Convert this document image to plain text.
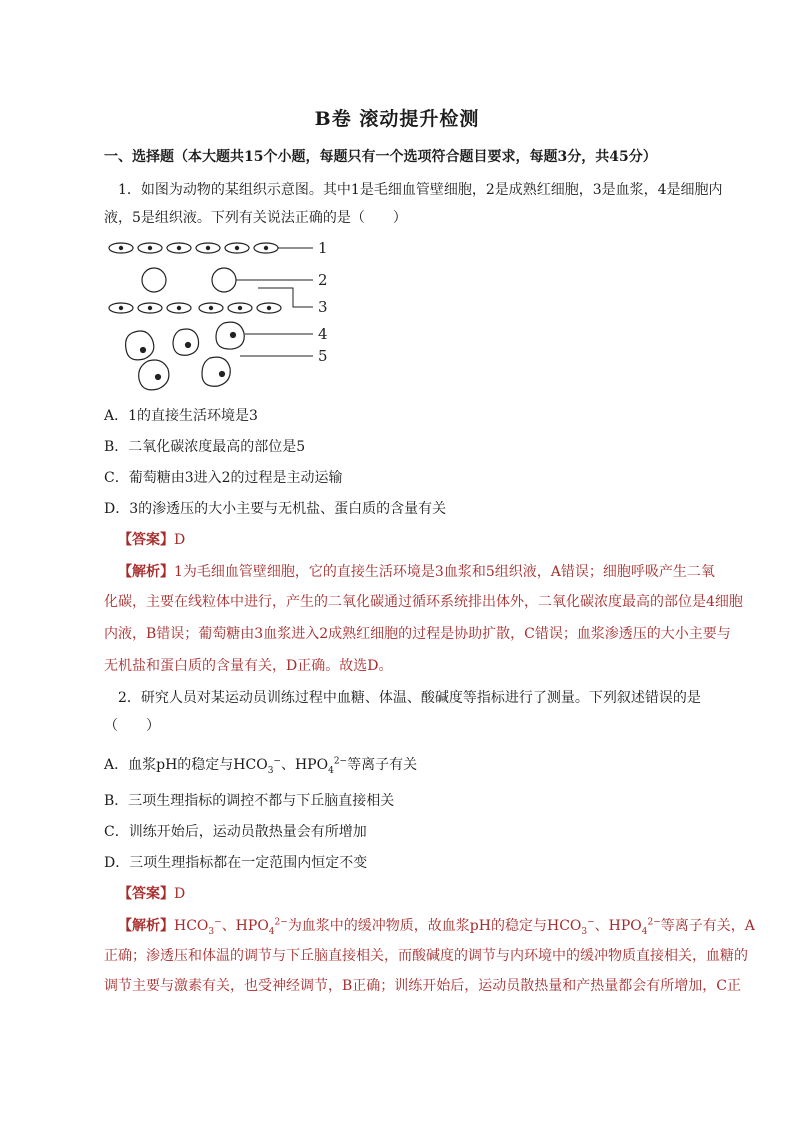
B卷 滚动提升检测
一、选择题（本大题共15个小题，每题只有一个选项符合题目要求，每题3分，共45分）
1．如图为动物的某组织示意图。其中1是毛细血管壁细胞，2是成熟红细胞，3是血浆，4是细胞内
液，5是组织液。下列有关说法正确的是（　　）
1
2
3
4
5
A．1的直接生活环境是3
B．二氧化碳浓度最高的部位是5
C．葡萄糖由3进入2的过程是主动运输
D．3的渗透压的大小主要与无机盐、蛋白质的含量有关
【答案】D
【解析】1为毛细血管壁细胞，它的直接生活环境是3血浆和5组织液，A错误；细胞呼吸产生二氧
化碳，主要在线粒体中进行，产生的二氧化碳通过循环系统排出体外，二氧化碳浓度最高的部位是4细胞
内液，B错误；葡萄糖由3血浆进入2成熟红细胞的过程是协助扩散，C错误；血浆渗透压的大小主要与
无机盐和蛋白质的含量有关，D正确。故选D。
2．研究人员对某运动员训练过程中血糖、体温、酸碱度等指标进行了测量。下列叙述错误的是
（　　）
A．血浆pH的稳定与$HCO_3^-$、$HPO_4^{2-}$等离子有关
B．三项生理指标的调控不都与下丘脑直接相关
C．训练开始后，运动员散热量会有所增加
D．三项生理指标都在一定范围内恒定不变
【答案】D
【解析】$HCO_3^-$、$HPO_4^{2-}$为血浆中的缓冲物质，故血浆pH的稳定与$HCO_3^-$、$HPO_4^{2-}$等离子有关，A
正确；渗透压和体温的调节与下丘脑直接相关，而酸碱度的调节与内环境中的缓冲物质直接相关，血糖的
调节主要与激素有关，也受神经调节，B正确；训练开始后，运动员散热量和产热量都会有所增加，C正
